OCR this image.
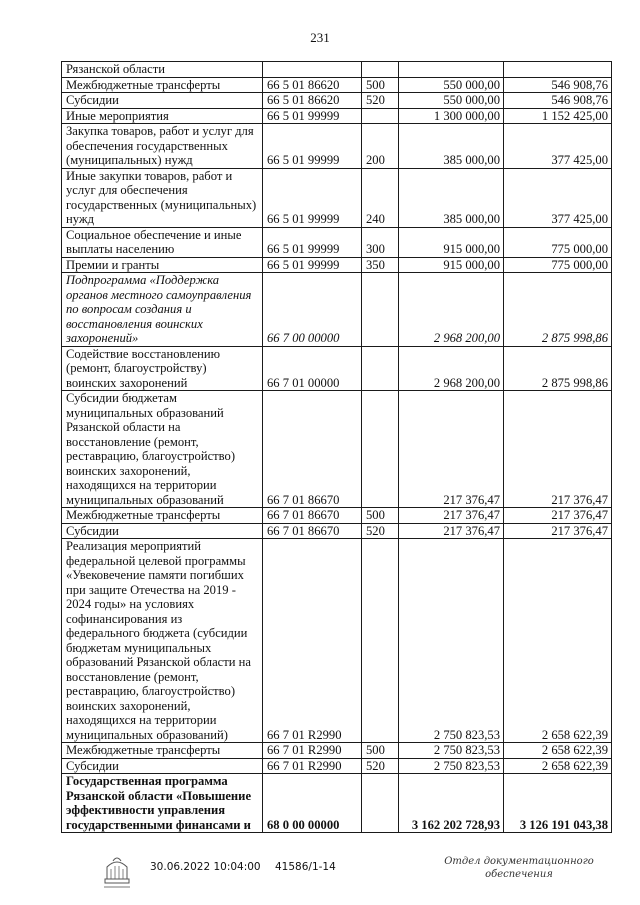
231
Рязанской области				
Межбюджетные трансферты	66 5 01 86620	500	550 000,00	546 908,76
Субсидии	66 5 01 86620	520	550 000,00	546 908,76
Иные мероприятия	66 5 01 99999		1 300 000,00	1 152 425,00
Закупка товаров, работ и услуг для обеспечения государственных (муниципальных) нужд	66 5 01 99999	200	385 000,00	377 425,00
Иные закупки товаров, работ и услуг для обеспечения государственных (муниципальных) нужд	66 5 01 99999	240	385 000,00	377 425,00
Социальное обеспечение и иные выплаты населению	66 5 01 99999	300	915 000,00	775 000,00
Премии и гранты	66 5 01 99999	350	915 000,00	775 000,00
Подпрограмма «Поддержка органов местного самоуправления по вопросам создания и восстановления воинских захоронений»	66 7 00 00000		2 968 200,00	2 875 998,86
Содействие восстановлению (ремонт, благоустройству) воинских захоронений	66 7 01 00000		2 968 200,00	2 875 998,86
Субсидии бюджетам муниципальных образований Рязанской области на восстановление (ремонт, реставрацию, благоустройство) воинских захоронений, находящихся на территории муниципальных образований	66 7 01 86670		217 376,47	217 376,47
Межбюджетные трансферты	66 7 01 86670	500	217 376,47	217 376,47
Субсидии	66 7 01 86670	520	217 376,47	217 376,47
Реализация мероприятий федеральной целевой программы «Увековечение памяти погибших при защите Отечества на 2019 - 2024 годы» на условиях софинансирования из федерального бюджета (субсидии бюджетам муниципальных образований Рязанской области на восстановление (ремонт, реставрацию, благоустройство) воинских захоронений, находящихся на территории муниципальных образований)	66 7 01 R2990		2 750 823,53	2 658 622,39
Межбюджетные трансферты	66 7 01 R2990	500	2 750 823,53	2 658 622,39
Субсидии	66 7 01 R2990	520	2 750 823,53	2 658 622,39
Государственная программа Рязанской области «Повышение эффективности управления государственными финансами и	68 0 00 00000		3 162 202 728,93	3 126 191 043,38
30.06.2022 10:04:00 41586/1-14	Отдел документационного
обеспечения
